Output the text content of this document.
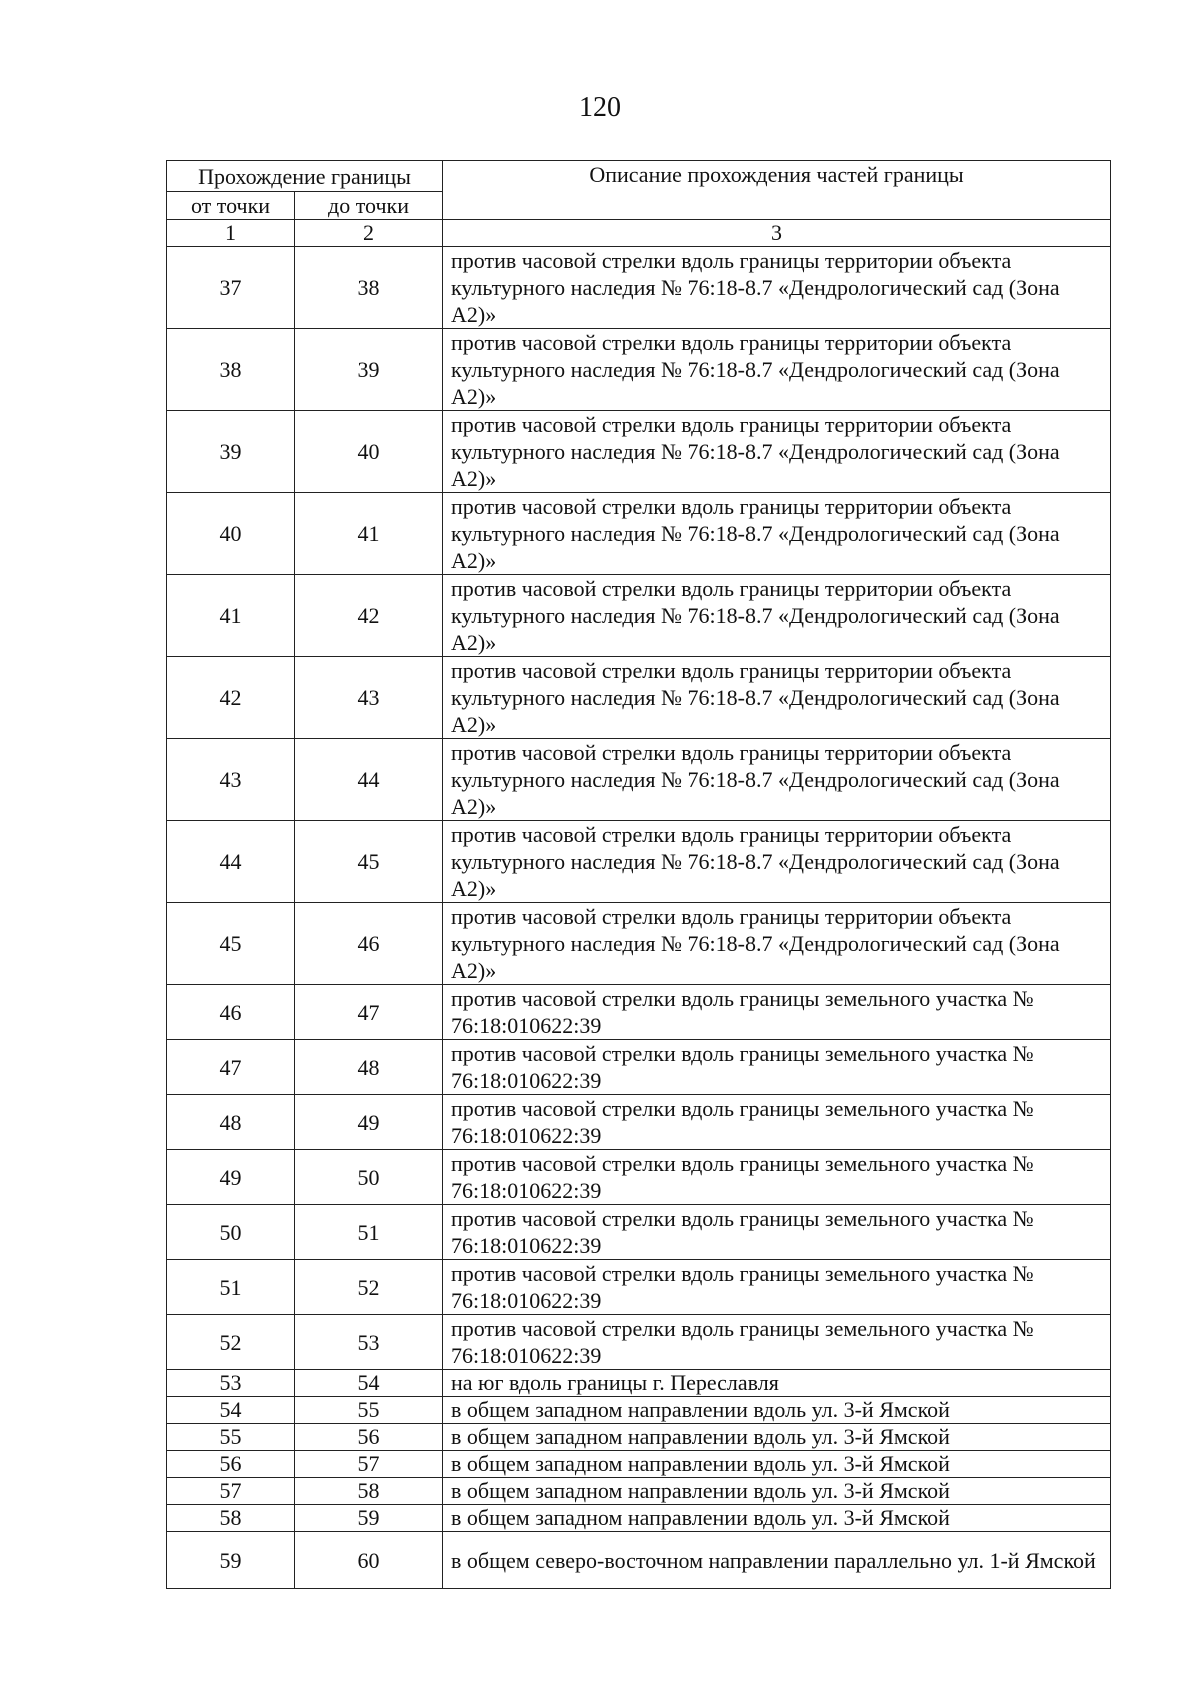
120
Прохождение границы		Описание прохождения частей границы
от точки	до точки	
1	2	3
37	38	против часовой стрелки вдоль границы территории объекта культурного наследия № 76:18-8.7 «Дендрологический сад (Зона А2)»
38	39	против часовой стрелки вдоль границы территории объекта культурного наследия № 76:18-8.7 «Дендрологический сад (Зона А2)»
39	40	против часовой стрелки вдоль границы территории объекта культурного наследия № 76:18-8.7 «Дендрологический сад (Зона А2)»
40	41	против часовой стрелки вдоль границы территории объекта культурного наследия № 76:18-8.7 «Дендрологический сад (Зона А2)»
41	42	против часовой стрелки вдоль границы территории объекта культурного наследия № 76:18-8.7 «Дендрологический сад (Зона А2)»
42	43	против часовой стрелки вдоль границы территории объекта культурного наследия № 76:18-8.7 «Дендрологический сад (Зона А2)»
43	44	против часовой стрелки вдоль границы территории объекта культурного наследия № 76:18-8.7 «Дендрологический сад (Зона А2)»
44	45	против часовой стрелки вдоль границы территории объекта культурного наследия № 76:18-8.7 «Дендрологический сад (Зона А2)»
45	46	против часовой стрелки вдоль границы территории объекта культурного наследия № 76:18-8.7 «Дендрологический сад (Зона А2)»
46	47	против часовой стрелки вдоль границы земельного участка № 76:18:010622:39
47	48	против часовой стрелки вдоль границы земельного участка № 76:18:010622:39
48	49	против часовой стрелки вдоль границы земельного участка № 76:18:010622:39
49	50	против часовой стрелки вдоль границы земельного участка № 76:18:010622:39
50	51	против часовой стрелки вдоль границы земельного участка № 76:18:010622:39
51	52	против часовой стрелки вдоль границы земельного участка № 76:18:010622:39
52	53	против часовой стрелки вдоль границы земельного участка № 76:18:010622:39
53	54	на юг вдоль границы г. Переславля
54	55	в общем западном направлении вдоль ул. 3-й Ямской
55	56	в общем западном направлении вдоль ул. 3-й Ямской
56	57	в общем западном направлении вдоль ул. 3-й Ямской
57	58	в общем западном направлении вдоль ул. 3-й Ямской
58	59	в общем западном направлении вдоль ул. 3-й Ямской
59	60	в общем северо-восточном направлении параллельно ул. 1-й Ямской
